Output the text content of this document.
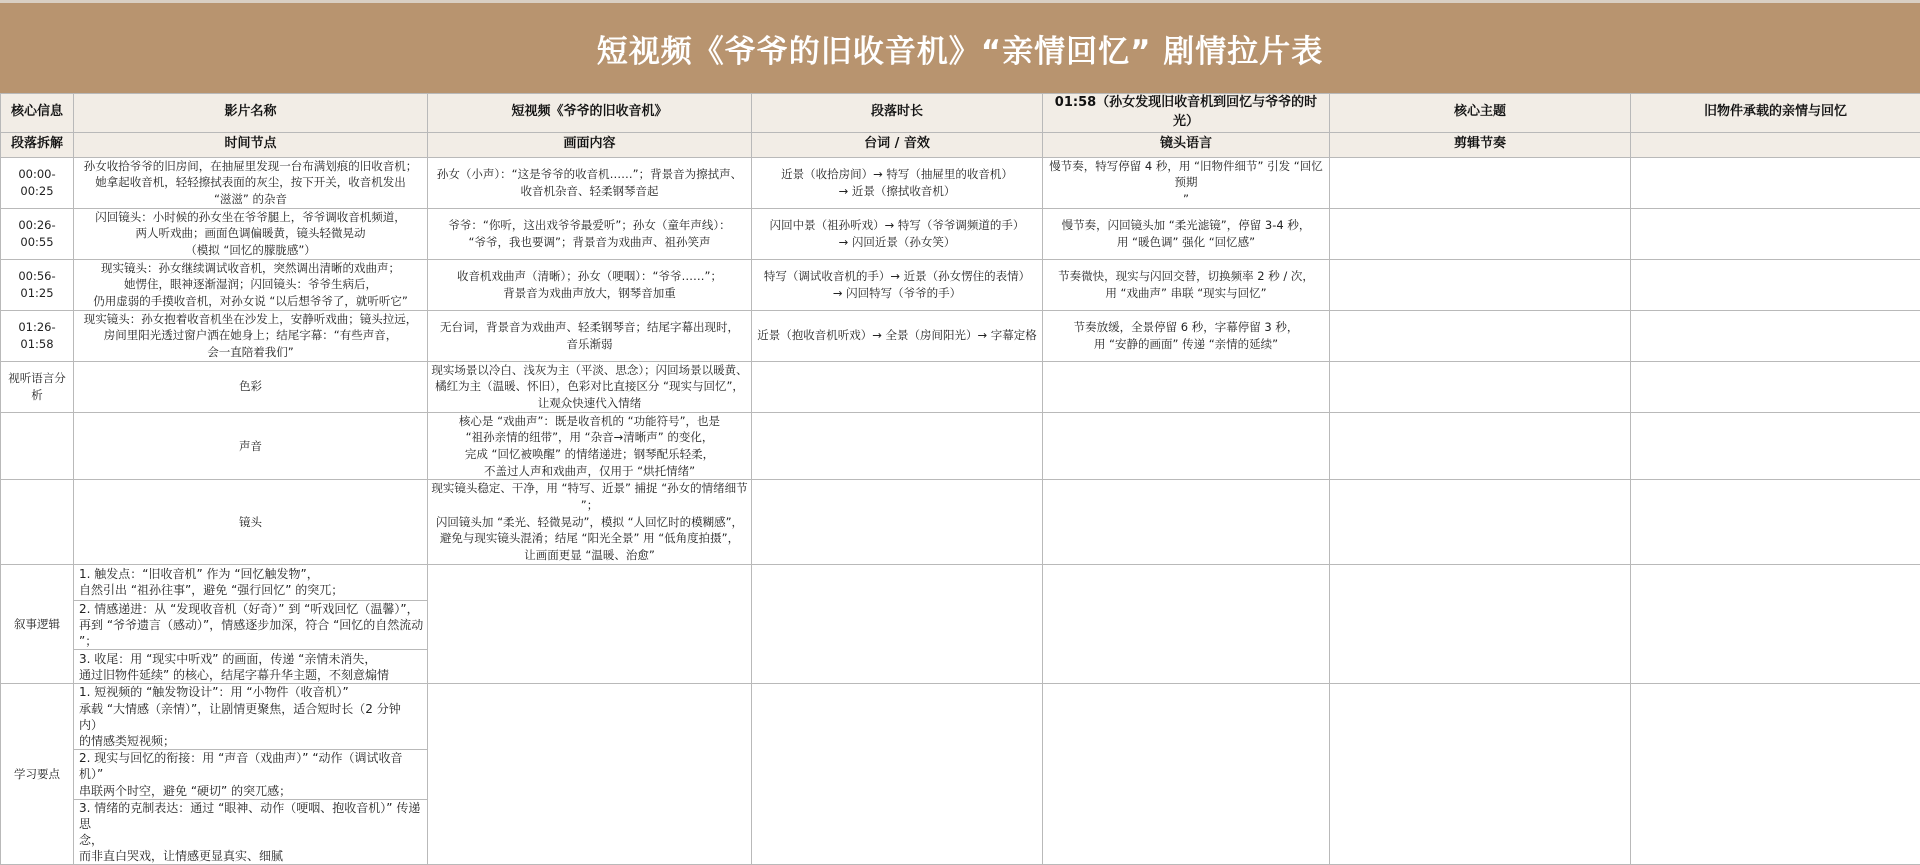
短视频《爷爷的旧收音机》“亲情回忆” 剧情拉片表
核心信息	影片名称	短视频《爷爷的旧收音机》	段落时长	01:58（孙女发现旧收音机到回忆与爷爷的时光）	核心主题	旧物件承载的亲情与回忆
段落拆解	时间节点	画面内容	台词 / 音效	镜头语言	剪辑节奏	
00:00-00:25	孙女收拾爷爷的旧房间，在抽屉里发现一台布满划痕的旧收音机；
她拿起收音机，轻轻擦拭表面的灰尘，按下开关，收音机发出
“滋滋” 的杂音	孙女（小声）：“这是爷爷的收音机……”；背景音为擦拭声、
收音机杂音、轻柔钢琴音起	近景（收拾房间）→ 特写（抽屉里的收音机）
→ 近景（擦拭收音机）	慢节奏，特写停留 4 秒，用 “旧物件细节” 引发 “回忆预期
”		
00:26-00:55	闪回镜头：小时候的孙女坐在爷爷腿上，爷爷调收音机频道，
两人听戏曲；画面色调偏暖黄，镜头轻微晃动
（模拟 “回忆的朦胧感”）	爷爷：“你听，这出戏爷爷最爱听”；孙女（童年声线）：
“爷爷，我也要调”；背景音为戏曲声、祖孙笑声	闪回中景（祖孙听戏）→ 特写（爷爷调频道的手）
→ 闪回近景（孙女笑）	慢节奏，闪回镜头加 “柔光滤镜”，停留 3-4 秒，
用 “暖色调” 强化 “回忆感”		
00:56-01:25	现实镜头：孙女继续调试收音机，突然调出清晰的戏曲声；
她愣住，眼神逐渐湿润；闪回镜头：爷爷生病后，
仍用虚弱的手摸收音机，对孙女说 “以后想爷爷了，就听听它”	收音机戏曲声（清晰）；孙女（哽咽）：“爷爷……”；
背景音为戏曲声放大，钢琴音加重	特写（调试收音机的手）→ 近景（孙女愣住的表情）
→ 闪回特写（爷爷的手）	节奏微快，现实与闪回交替，切换频率 2 秒 / 次，
用 “戏曲声” 串联 “现实与回忆”		
01:26-01:58	现实镜头：孙女抱着收音机坐在沙发上，安静听戏曲；镜头拉远，
房间里阳光透过窗户洒在她身上；结尾字幕：“有些声音，
会一直陪着我们”	无台词，背景音为戏曲声、轻柔钢琴音；结尾字幕出现时，
音乐渐弱	近景（抱收音机听戏）→ 全景（房间阳光）→ 字幕定格	节奏放缓，全景停留 6 秒，字幕停留 3 秒，
用 “安静的画面” 传递 “亲情的延续”		
视听语言分析	色彩	现实场景以冷白、浅灰为主（平淡、思念）；闪回场景以暖黄、
橘红为主（温暖、怀旧），色彩对比直接区分 “现实与回忆”，
让观众快速代入情绪				
	声音	核心是 “戏曲声”：既是收音机的 “功能符号”，也是
“祖孙亲情的纽带”，用 “杂音→清晰声” 的变化，
完成 “回忆被唤醒” 的情绪递进；钢琴配乐轻柔，
不盖过人声和戏曲声，仅用于 “烘托情绪”				
	镜头	现实镜头稳定、干净，用 “特写、近景” 捕捉 “孙女的情绪细节
”；
闪回镜头加 “柔光、轻微晃动”，模拟 “人回忆时的模糊感”，
避免与现实镜头混淆；结尾 “阳光全景” 用 “低角度拍摄”，
让画面更显 “温暖、治愈”				
叙事逻辑	1. 触发点：“旧收音机” 作为 “回忆触发物”，
自然引出 “祖孙往事”，避免 “强行回忆” 的突兀；					
	2. 情感递进：从 “发现收音机（好奇）” 到 “听戏回忆（温馨）”，
再到 “爷爷遗言（感动）”，情感逐步加深，符合 “回忆的自然流动
”；					
	3. 收尾：用 “现实中听戏” 的画面，传递 “亲情未消失，
通过旧物件延续” 的核心，结尾字幕升华主题，不刻意煽情					
学习要点	1. 短视频的 “触发物设计”：用 “小物件（收音机）”
承载 “大情感（亲情）”，让剧情更聚焦，适合短时长（2 分钟内）
的情感类短视频；					
	2. 现实与回忆的衔接：用 “声音（戏曲声）” “动作（调试收音机）”
串联两个时空，避免 “硬切” 的突兀感；					
	3. 情绪的克制表达：通过 “眼神、动作（哽咽、抱收音机）” 传递思
念，
而非直白哭戏，让情感更显真实、细腻					
